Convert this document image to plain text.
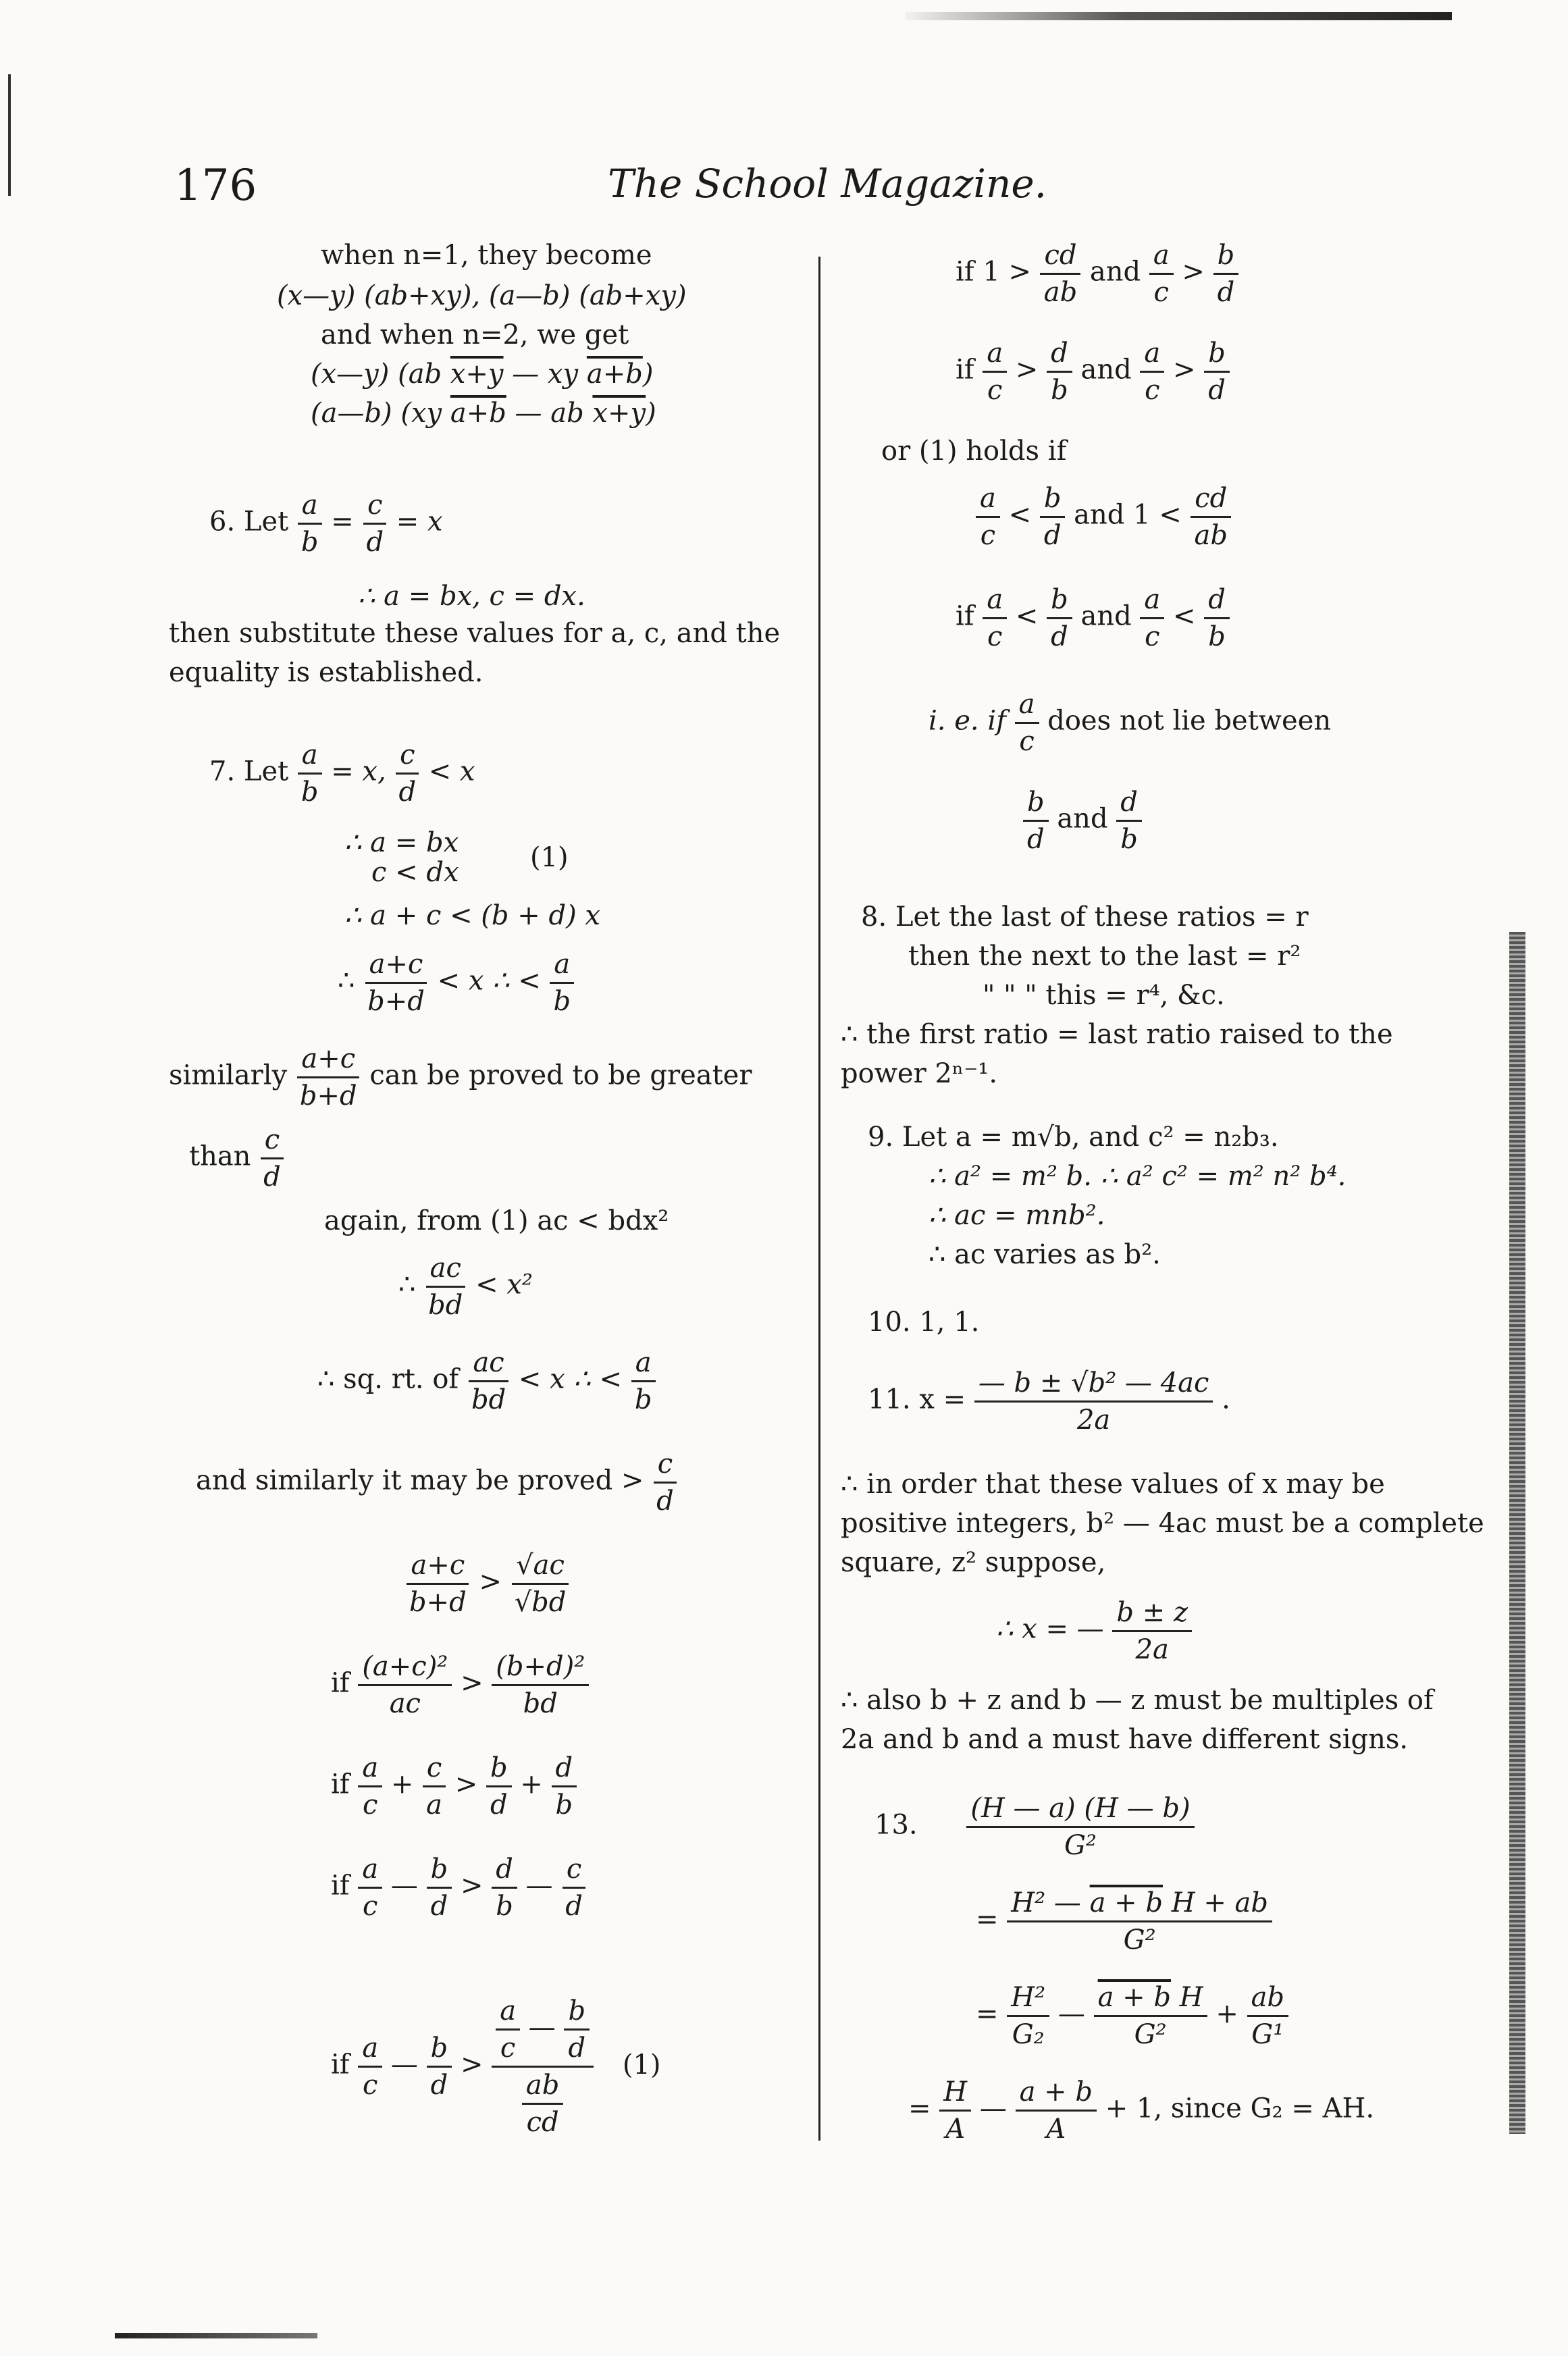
176	The School Magazine.
when n=1, they become
(x—y) (ab+xy), (a—b) (ab+xy)
and when n=2, we get
(x—y) (ab x+y — xy a+b)
(a—b) (xy a+b — ab x+y)
6. Let $\frac{a}{b} = \frac{c}{d} = x$
∴ a = bx, c = dx.
then substitute these values for a, c, and the
equality is established.
7. Let $\frac{a}{b} = x$, $\frac{c}{d} < x$
∴ a = bx
c < dx	(1)
∴ a + c < (b + d) x
∴ $\frac{a+c}{b+d} < x$ ∴ < $\frac{a}{b}$
similarly $\frac{a+c}{b+d}$ can be proved to be greater
than $\frac{c}{d}$
again, from (1) ac < bdx²
∴ $\frac{ac}{bd} < x^2$
∴ sq. rt. of $\frac{ac}{bd} < x$ ∴ < $\frac{a}{b}$
and similarly it may be proved > $\frac{c}{d}$
$\frac{a+c}{b+d} > \frac{√ac}{√bd}$
if $\frac{\text{(a+c)²}}{ac} > \frac{\text{(b+d)²}}{bd}$
if $\frac{a}{c} + \frac{c}{a} > \frac{b}{d} + \frac{d}{b}$
if $\frac{a}{c}$ — $\frac{b}{d} > \frac{d}{b}$ — $\frac{c}{d}$
if $\frac{a}{c}$ — $\frac{b}{d}$ >
$\frac{a}{c}$ — $\frac{b}{d}$
$\frac{ab}{cd}$
(1)
if $1 > \frac{cd}{ab}$ and $\frac{a}{c} > \frac{b}{d}$
if $\frac{a}{c} > \frac{d}{b}$ and $\frac{a}{c} > \frac{b}{d}$
or (1) holds if
$\frac{a}{c} < \frac{b}{d}$ and $1 < \frac{cd}{ab}$
if $\frac{a}{c} < \frac{b}{d}$ and $\frac{a}{c} < \frac{d}{b}$
i. e. if $\frac{a}{c}$ does not lie between
$\frac{b}{d}$ and $\frac{d}{b}$
8. Let the last of these ratios = r
then the next to the last = r²
" " " this = r⁴, &c.
∴ the first ratio = last ratio raised to the
power 2ⁿ⁻¹.
9. Let a = m√b, and c² = n₂b₃.
∴ a² = m² b. ∴ a² c² = m² n² b⁴.
∴ ac = mnb².
∴ ac varies as b².
10. 1, 1.
11. $x = \frac{\text{— b ± √b² — 4ac}}{2a}$ .
∴ in order that these values of x may be
positive integers, b² — 4ac must be a complete
square, z² suppose,
∴ x = — $\frac{b \pm z}{2a}$
∴ also b + z and b — z must be multiples of
2a and b and a must have different signs.
13. $\frac{(H — a) (H — b)}{\text{G²}}$
= $\frac{\text{H² — a + b H + ab}}{\text{G²}}$
= $\frac{\text{H²}}{\text{G₂}}$ — $\frac{\text{a + b H}}{\text{G²}} + \frac{ab}{\text{G¹}}$
= $\frac{H}{A}$ — $\frac{a + b}{A} + 1$, since G₂ = AH.
